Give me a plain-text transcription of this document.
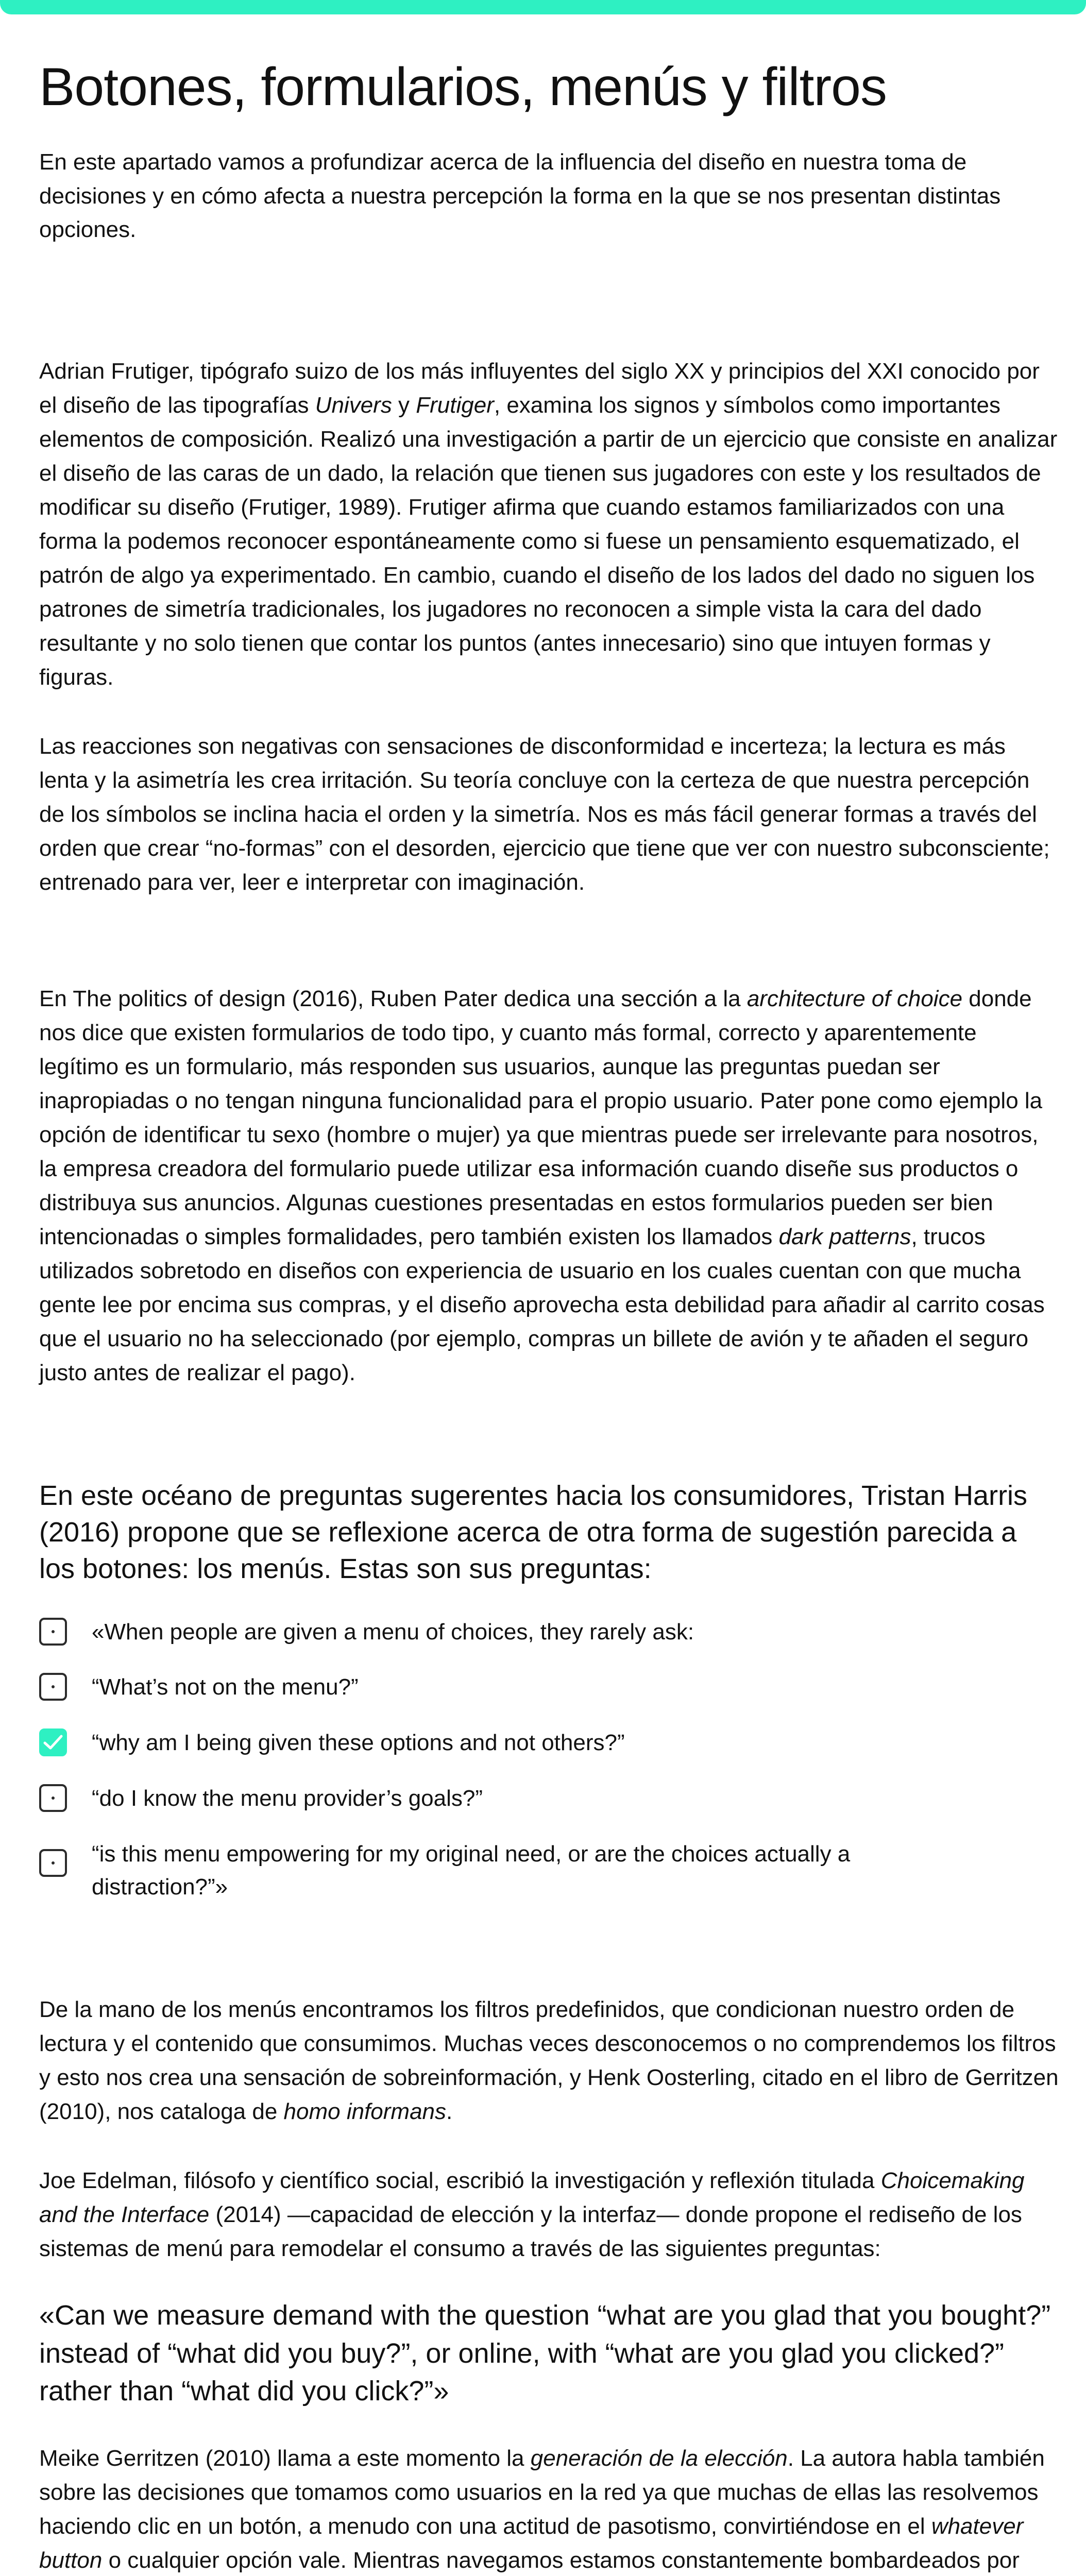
Botones, formularios, menús y filtros

En este apartado vamos a profundizar acerca de la influencia del diseño en nuestra toma de decisiones y en cómo afecta a nuestra percepción la forma en la que se nos presentan distintas opciones.

Adrian Frutiger, tipógrafo suizo de los más influyentes del siglo XX y principios del XXI conocido por el diseño de las tipografías Univers y Frutiger, examina los signos y símbolos como importantes elementos de composición. Realizó una investigación a partir de un ejercicio que consiste en analizar el diseño de las caras de un dado, la relación que tienen sus jugadores con este y los resultados de modificar su diseño (Frutiger, 1989). Frutiger afirma que cuando estamos familiarizados con una forma la podemos reconocer espontáneamente como si fuese un pensamiento esquematizado, el patrón de algo ya experimentado. En cambio, cuando el diseño de los lados del dado no siguen los patrones de simetría tradicionales, los jugadores no reconocen a simple vista la cara del dado resultante y no solo tienen que contar los puntos (antes innecesario) sino que intuyen formas y figuras.

Las reacciones son negativas con sensaciones de disconformidad e incerteza; la lectura es más lenta y la asimetría les crea irritación. Su teoría concluye con la certeza de que nuestra percepción de los símbolos se inclina hacia el orden y la simetría. Nos es más fácil generar formas a través del orden que crear “no-formas” con el desorden, ejercicio que tiene que ver con nuestro subconsciente; entrenado para ver, leer e interpretar con imaginación.

En The politics of design (2016), Ruben Pater dedica una sección a la architecture of choice donde nos dice que existen formularios de todo tipo, y cuanto más formal, correcto y aparentemente legítimo es un formulario, más responden sus usuarios, aunque las preguntas puedan ser inapropiadas o no tengan ninguna funcionalidad para el propio usuario. Pater pone como ejemplo la opción de identificar tu sexo (hombre o mujer) ya que mientras puede ser irrelevante para nosotros, la empresa creadora del formulario puede utilizar esa información cuando diseñe sus productos o distribuya sus anuncios. Algunas cuestiones presentadas en estos formularios pueden ser bien intencionadas o simples formalidades, pero también existen los llamados dark patterns, trucos utilizados sobretodo en diseños con experiencia de usuario en los cuales cuentan con que mucha gente lee por encima sus compras, y el diseño aprovecha esta debilidad para añadir al carrito cosas que el usuario no ha seleccionado (por ejemplo, compras un billete de avión y te añaden el seguro justo antes de realizar el pago).

En este océano de preguntas sugerentes hacia los consumidores, Tristan Harris (2016) propone que se reflexione acerca de otra forma de sugestión parecida a los botones: los menús. Estas son sus preguntas:

«When people are given a menu of choices, they rarely ask:
“What’s not on the menu?”
“why am I being given these options and not others?”
“do I know the menu provider’s goals?”
“is this menu empowering for my original need, or are the choices actually a distraction?”»

De la mano de los menús encontramos los filtros predefinidos, que condicionan nuestro orden de lectura y el contenido que consumimos. Muchas veces desconocemos o no comprendemos los filtros y esto nos crea una sensación de sobreinformación, y Henk Oosterling, citado en el libro de Gerritzen (2010), nos cataloga de homo informans.

Joe Edelman, filósofo y científico social, escribió la investigación y reflexión titulada Choicemaking and the Interface (2014) —capacidad de elección y la interfaz— donde propone el rediseño de los sistemas de menú para remodelar el consumo a través de las siguientes preguntas:

«Can we measure demand with the question “what are you glad that you bought?” instead of “what did you buy?”, or online, with “what are you glad you clicked?” rather than “what did you click?”»

Meike Gerritzen (2010) llama a este momento la generación de la elección. La autora habla también sobre las decisiones que tomamos como usuarios en la red ya que muchas de ellas las resolvemos haciendo clic en un botón, a menudo con una actitud de pasotismo, convirtiéndose en el whatever button o cualquier opción vale. Mientras navegamos estamos constantemente bombardeados por
